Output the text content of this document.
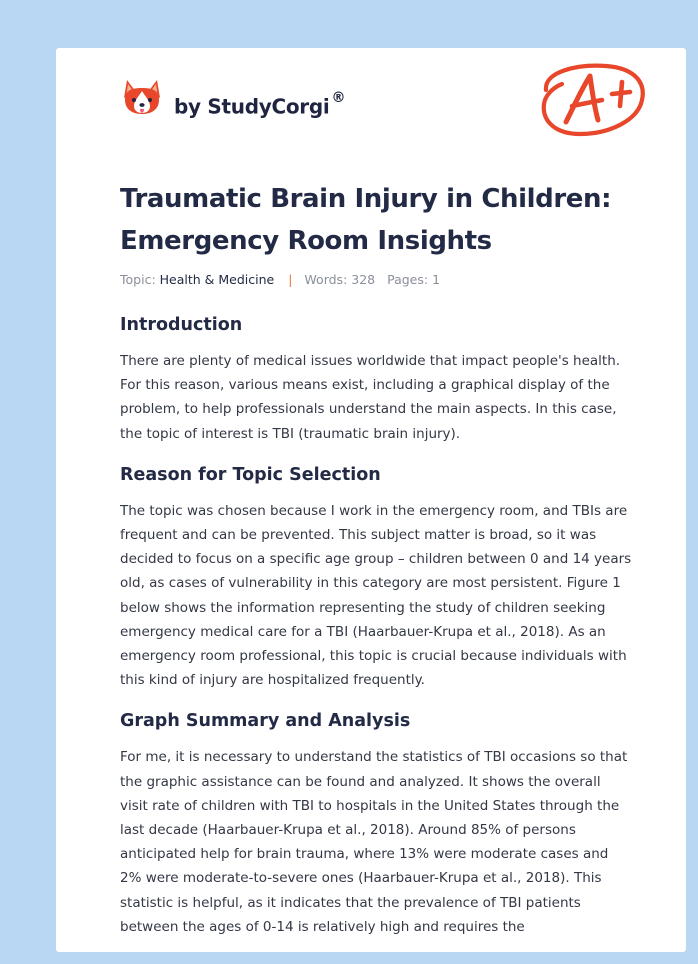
by StudyCorgi ®
Traumatic Brain Injury in Children: Emergency Room Insights
Topic: Health & Medicine | Words: 328 Pages: 1
Introduction

There are plenty of medical issues worldwide that impact people's health. For this reason, various means exist, including a graphical display of the problem, to help professionals understand the main aspects. In this case, the topic of interest is TBI (traumatic brain injury).

Reason for Topic Selection

The topic was chosen because I work in the emergency room, and TBIs are frequent and can be prevented. This subject matter is broad, so it was decided to focus on a specific age group – children between 0 and 14 years old, as cases of vulnerability in this category are most persistent. Figure 1 below shows the information representing the study of children seeking emergency medical care for a TBI (Haarbauer-Krupa et al., 2018). As an emergency room professional, this topic is crucial because individuals with this kind of injury are hospitalized frequently.

Graph Summary and Analysis

For me, it is necessary to understand the statistics of TBI occasions so that the graphic assistance can be found and analyzed. It shows the overall visit rate of children with TBI to hospitals in the United States through the last decade (Haarbauer-Krupa et al., 2018). Around 85% of persons anticipated help for brain trauma, where 13% were moderate cases and 2% were moderate-to-severe ones (Haarbauer-Krupa et al., 2018). This statistic is helpful, as it indicates that the prevalence of TBI patients between the ages of 0-14 is relatively high and requires the
